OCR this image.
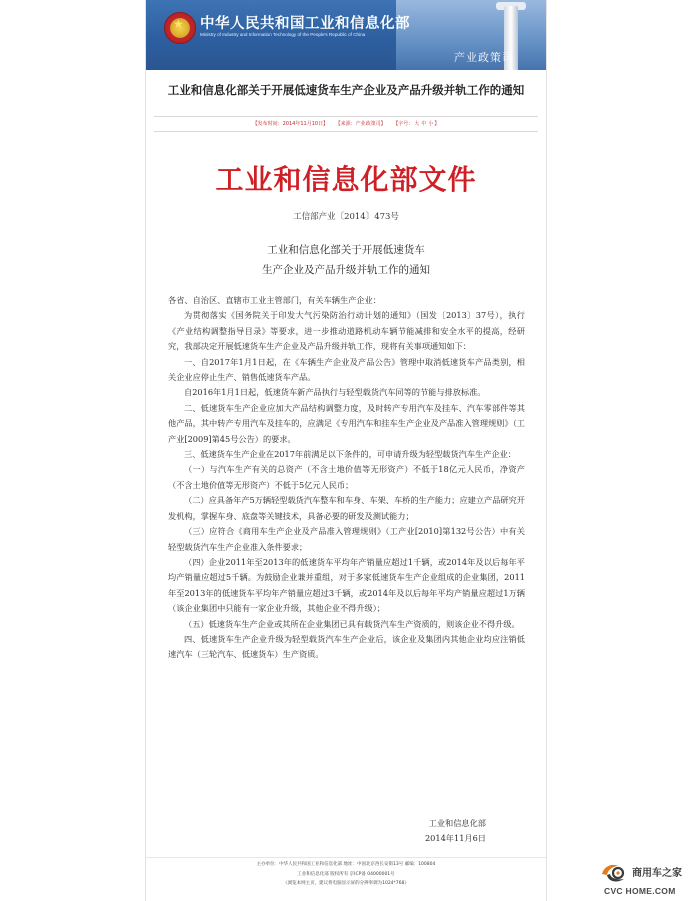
★ 中华人民共和国工业和信息化部
Ministry of Industry and Information Technology of the People's Republic of China
产业政策司
工业和信息化部关于开展低速货车生产企业及产品升级并轨工作的通知
【发布时间：2014年11月10日】 【来源：产业政策司】 【字号：大 中 小】
工业和信息化部文件
工信部产业〔2014〕473号
工业和信息化部关于开展低速货车
生产企业及产品升级并轨工作的通知

各省、自治区、直辖市工业主管部门，有关车辆生产企业：

为贯彻落实《国务院关于印发大气污染防治行动计划的通知》（国发〔2013〕37号），执行《产业结构调整指导目录》等要求，进一步推动道路机动车辆节能减排和安全水平的提高，经研究，我部决定开展低速货车生产企业及产品升级并轨工作，现将有关事项通知如下：

一、自2017年1月1日起，在《车辆生产企业及产品公告》管理中取消低速货车产品类别，相关企业应停止生产、销售低速货车产品。

自2016年1月1日起，低速货车新产品执行与轻型载货汽车同等的节能与排放标准。

二、低速货车生产企业应加大产品结构调整力度，及时转产专用汽车及挂车、汽车零部件等其他产品，其中转产专用汽车及挂车的，应满足《专用汽车和挂车生产企业及产品准入管理规则》（工产业[2009]第45号公告）的要求。

三、低速货车生产企业在2017年前满足以下条件的，可申请升级为轻型载货汽车生产企业：

（一）与汽车生产有关的总资产（不含土地价值等无形资产）不低于18亿元人民币，净资产（不含土地价值等无形资产）不低于5亿元人民币；

（二）应具备年产5万辆轻型载货汽车整车和车身、车架、车桥的生产能力；应建立产品研究开发机构，掌握车身、底盘等关键技术，具备必要的研发及测试能力；

（三）应符合《商用车生产企业及产品准入管理规则》（工产业[2010]第132号公告）中有关轻型载货汽车生产企业准入条件要求；

（四）企业2011年至2013年的低速货车平均年产销量应超过1千辆，或2014年及以后每年平均产销量应超过5千辆。为鼓励企业兼并重组，对于多家低速货车生产企业组成的企业集团，2011年至2013年的低速货车平均年产销量应超过3千辆，或2014年及以后每年平均产销量应超过1万辆（该企业集团中只能有一家企业升级，其他企业不得升级）；

（五）低速货车生产企业或其所在企业集团已具有载货汽车生产资质的，则该企业不得升级。

四、低速货车生产企业升级为轻型载货汽车生产企业后，该企业及集团内其他企业均应注销低速汽车（三轮汽车、低速货车）生产资质。

工业和信息化部
2014年11月6日
主办单位：中华人民共和国工业和信息化部 地址：中国北京西长安街13号 邮编：100804
工业和信息化部 版权所有 京ICP备 04000001号
《浏览本网主页，建议将电脑显示屏的分辨率调为1024*768》
商用车之家
CVC HOME.COM
